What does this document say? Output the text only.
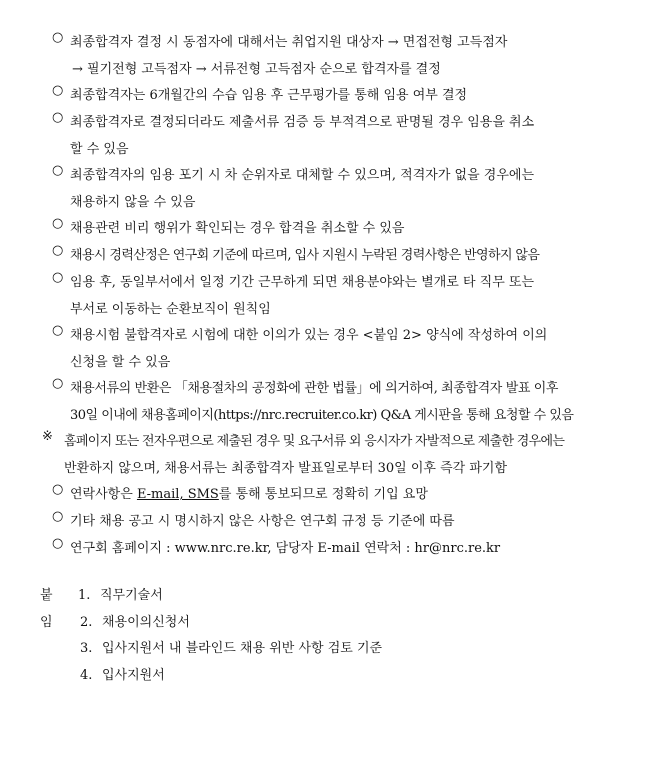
○ 최종합격자 결정 시 동점자에 대해서는 취업지원 대상자 → 면접전형 고득점자
→ 필기전형 고득점자 → 서류전형 고득점자 순으로 합격자를 결정
○ 최종합격자는 6개월간의 수습 임용 후 근무평가를 통해 임용 여부 결정
○ 최종합격자로 결정되더라도 제출서류 검증 등 부적격으로 판명될 경우 임용을 취소
할 수 있음
○ 최종합격자의 임용 포기 시 차 순위자로 대체할 수 있으며, 적격자가 없을 경우에는
채용하지 않을 수 있음
○ 채용관련 비리 행위가 확인되는 경우 합격을 취소할 수 있음
○ 채용시 경력산정은 연구회 기준에 따르며, 입사 지원시 누락된 경력사항은 반영하지 않음
○ 임용 후, 동일부서에서 일정 기간 근무하게 되면 채용분야와는 별개로 타 직무 또는
부서로 이동하는 순환보직이 원칙임
○ 채용시험 불합격자로 시험에 대한 이의가 있는 경우 <붙임 2> 양식에 작성하여 이의
신청을 할 수 있음
○ 채용서류의 반환은 「채용절차의 공정화에 관한 법률」에 의거하여, 최종합격자 발표 이후
30일 이내에 채용홈페이지(https://nrc.recruiter.co.kr) Q&A 게시판을 통해 요청할 수 있음
※ 홈페이지 또는 전자우편으로 제출된 경우 및 요구서류 외 응시자가 자발적으로 제출한 경우에는
반환하지 않으며, 채용서류는 최종합격자 발표일로부터 30일 이후 즉각 파기함
○ 연락사항은 E-mail, SMS를 통해 통보되므로 정확히 기입 요망
○ 기타 채용 공고 시 명시하지 않은 사항은 연구회 규정 등 기준에 따름
○ 연구회 홈페이지 : www.nrc.re.kr, 담당자 E-mail 연락처 : hr@nrc.re.kr
붙임
1. 직무기술서
2. 채용이의신청서
3. 입사지원서 내 블라인드 채용 위반 사항 검토 기준
4. 입사지원서
